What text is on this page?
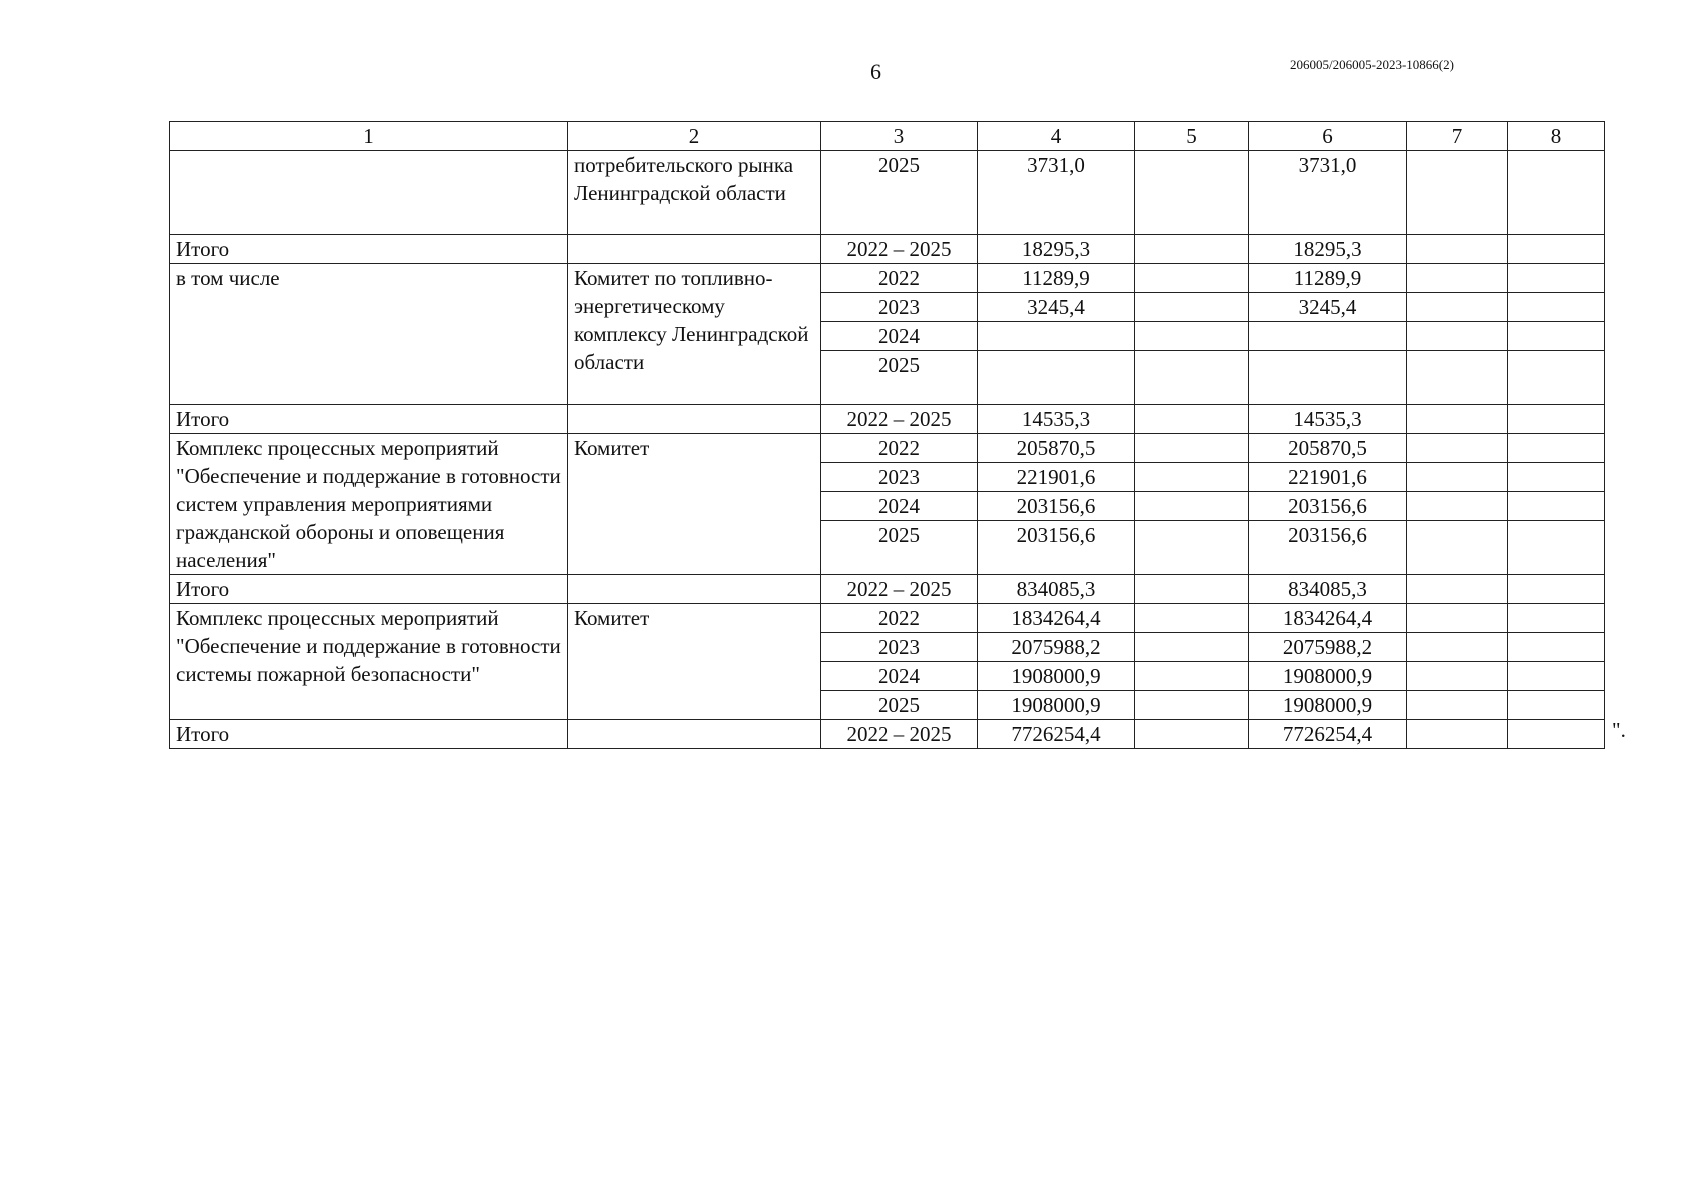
6	206005/206005-2023-10866(2)
1	2	3	4	5	6	7	8
	потребительского рынка Ленинградской области	2025	3731,0		3731,0		
Итого		2022 – 2025	18295,3		18295,3		
в том числе	Комитет по топливно-энергетическому комплексу Ленинградской области	2022	11289,9		11289,9		
		2023	3245,4		3245,4		
		2024					
		2025					
Итого		2022 – 2025	14535,3		14535,3		
Комплекс процессных мероприятий "Обеспечение и поддержание в готовности систем управления мероприятиями гражданской обороны и оповещения населения"	Комитет	2022	205870,5		205870,5		
		2023	221901,6		221901,6		
		2024	203156,6		203156,6		
		2025	203156,6		203156,6		
Итого		2022 – 2025	834085,3		834085,3		
Комплекс процессных мероприятий "Обеспечение и поддержание в готовности системы пожарной безопасности"	Комитет	2022	1834264,4		1834264,4		
		2023	2075988,2		2075988,2		
		2024	1908000,9		1908000,9		
		2025	1908000,9		1908000,9		
Итого		2022 – 2025	7726254,4		7726254,4			".
